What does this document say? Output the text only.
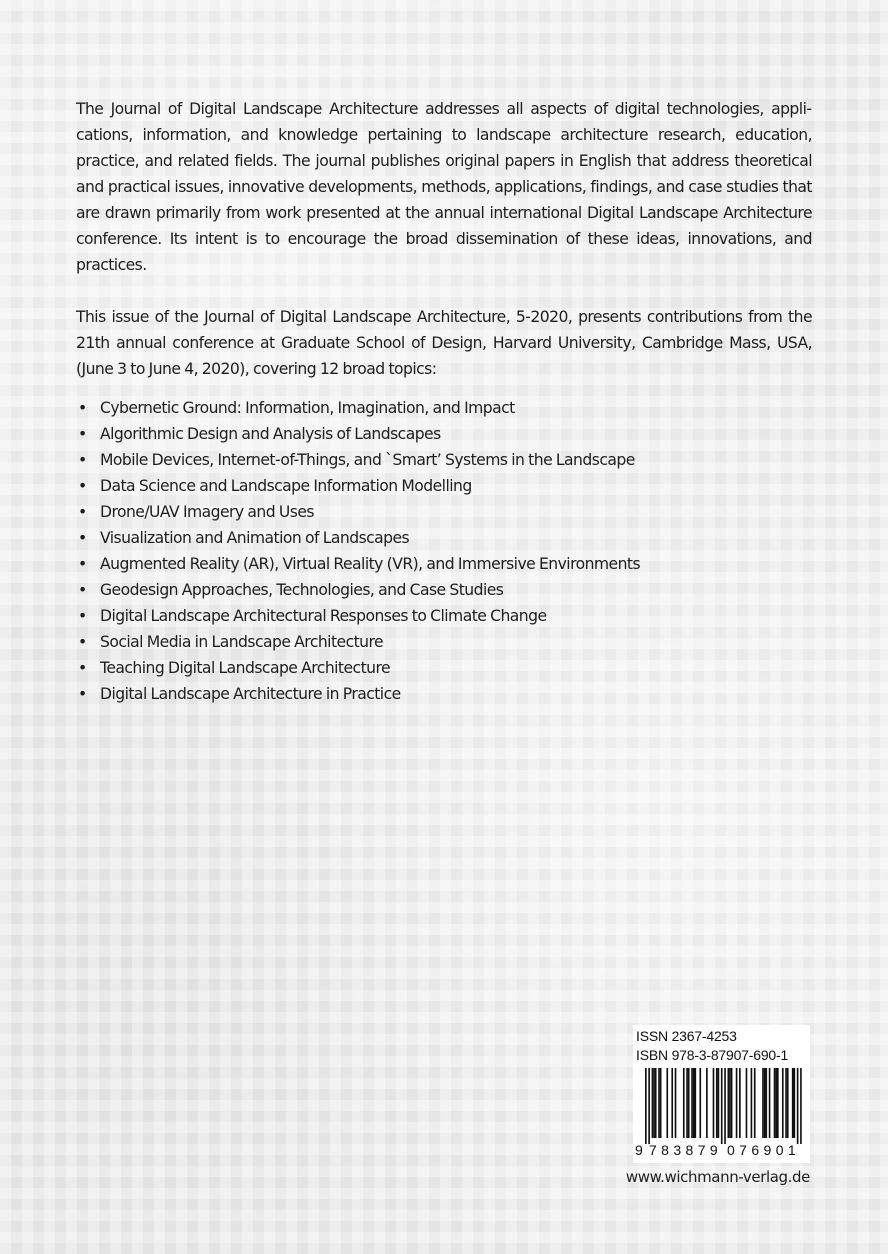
The Journal of Digital Landscape Architecture addresses all aspects of digital technologies, applications, information, and knowledge pertaining to landscape architecture research, education, practice, and related fields. The journal publishes original papers in English that address theoretical and practical issues, innovative developments, methods, applications, findings, and case studies that are drawn primarily from work presented at the annual international Digital Landscape Architecture conference. Its intent is to encourage the broad dissemination of these ideas, innovations, and practices.

This issue of the Journal of Digital Landscape Architecture, 5-2020, presents contributions from the 21th annual conference at Graduate School of Design, Harvard University, Cambridge Mass, USA, (June 3 to June 4, 2020), covering 12 broad topics:

• Cybernetic Ground: Information, Imagination, and Impact
• Algorithmic Design and Analysis of Landscapes
• Mobile Devices, Internet-of-Things, and `Smart’ Systems in the Landscape
• Data Science and Landscape Information Modelling
• Drone/UAV Imagery and Uses
• Visualization and Animation of Landscapes
• Augmented Reality (AR), Virtual Reality (VR), and Immersive Environments
• Geodesign Approaches, Technologies, and Case Studies
• Digital Landscape Architectural Responses to Climate Change
• Social Media in Landscape Architecture
• Teaching Digital Landscape Architecture
• Digital Landscape Architecture in Practice
ISSN 2367-4253
ISBN 978-3-87907-690-1
9 783879 076901
www.wichmann-verlag.de
